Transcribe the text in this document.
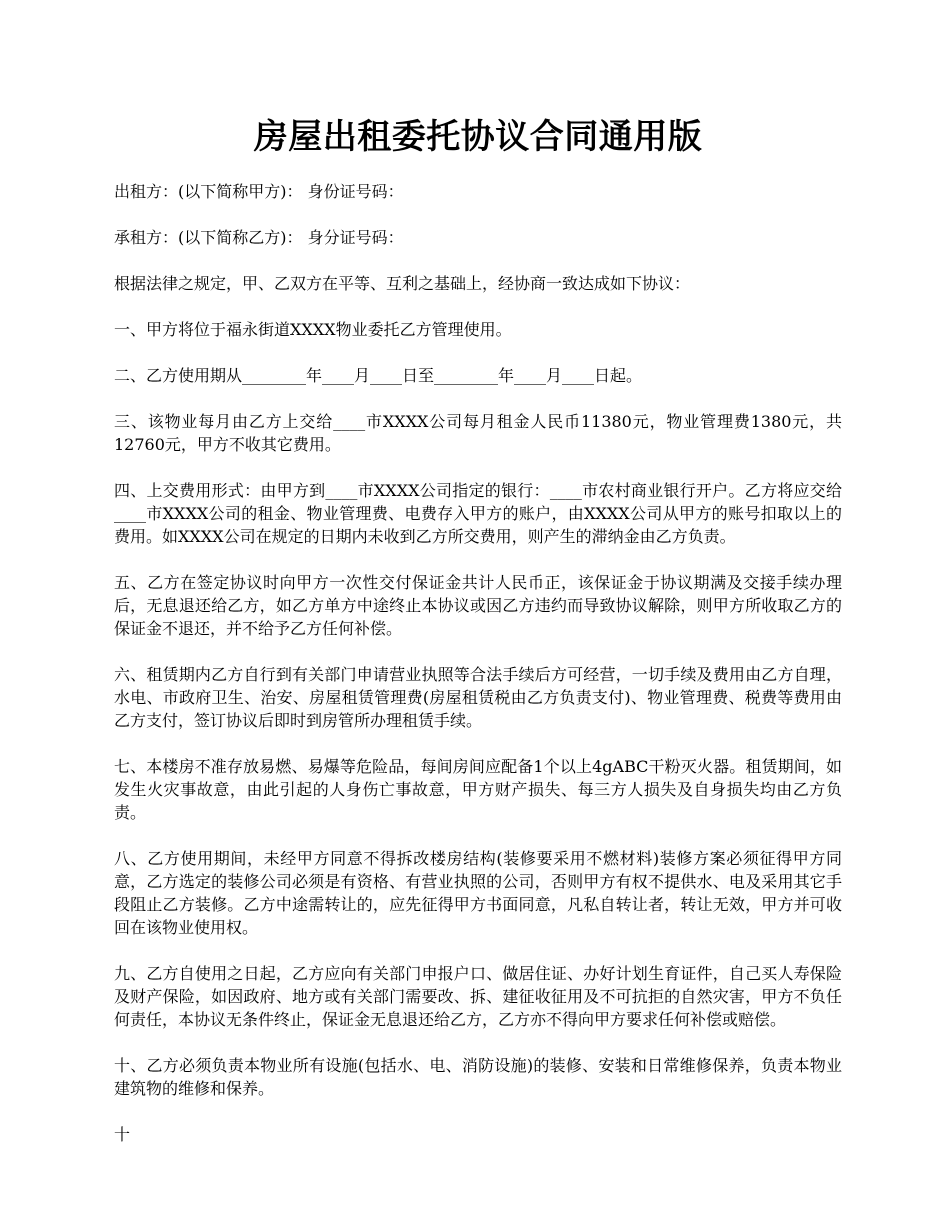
房屋出租委托协议合同通用版

出租方：(以下简称甲方)： 身份证号码：

承租方：(以下简称乙方)： 身分证号码：

根据法律之规定，甲、乙双方在平等、互利之基础上，经协商一致达成如下协议：

一、甲方将位于福永街道XXXX物业委托乙方管理使用。

二、乙方使用期从________年____月____日至________年____月____日起。

三、该物业每月由乙方上交给____市XXXX公司每月租金人民币11380元，物业管理费1380元，共12760元，甲方不收其它费用。

四、上交费用形式：由甲方到____市XXXX公司指定的银行：____市农村商业银行开户。乙方将应交给____市XXXX公司的租金、物业管理费、电费存入甲方的账户，由XXXX公司从甲方的账号扣取以上的费用。如XXXX公司在规定的日期内未收到乙方所交费用，则产生的滞纳金由乙方负责。

五、乙方在签定协议时向甲方一次性交付保证金共计人民币正，该保证金于协议期满及交接手续办理后，无息退还给乙方，如乙方单方中途终止本协议或因乙方违约而导致协议解除，则甲方所收取乙方的保证金不退还，并不给予乙方任何补偿。

六、租赁期内乙方自行到有关部门申请营业执照等合法手续后方可经营，一切手续及费用由乙方自理，水电、市政府卫生、治安、房屋租赁管理费(房屋租赁税由乙方负责支付)、物业管理费、税费等费用由乙方支付，签订协议后即时到房管所办理租赁手续。

七、本楼房不准存放易燃、易爆等危险品，每间房间应配备1个以上4gABC干粉灭火器。租赁期间，如发生火灾事故意，由此引起的人身伤亡事故意，甲方财产损失、每三方人损失及自身损失均由乙方负责。

八、乙方使用期间，未经甲方同意不得拆改楼房结构(装修要采用不燃材料)装修方案必须征得甲方同意，乙方选定的装修公司必须是有资格、有营业执照的公司，否则甲方有权不提供水、电及采用其它手段阻止乙方装修。乙方中途需转让的，应先征得甲方书面同意，凡私自转让者，转让无效，甲方并可收回在该物业使用权。

九、乙方自使用之日起，乙方应向有关部门申报户口、做居住证、办好计划生育证件，自己买人寿保险及财产保险，如因政府、地方或有关部门需要改、拆、建征收征用及不可抗拒的自然灾害，甲方不负任何责任，本协议无条件终止，保证金无息退还给乙方，乙方亦不得向甲方要求任何补偿或赔偿。

十、乙方必须负责本物业所有设施(包括水、电、消防设施)的装修、安装和日常维修保养，负责本物业建筑物的维修和保养。

十
